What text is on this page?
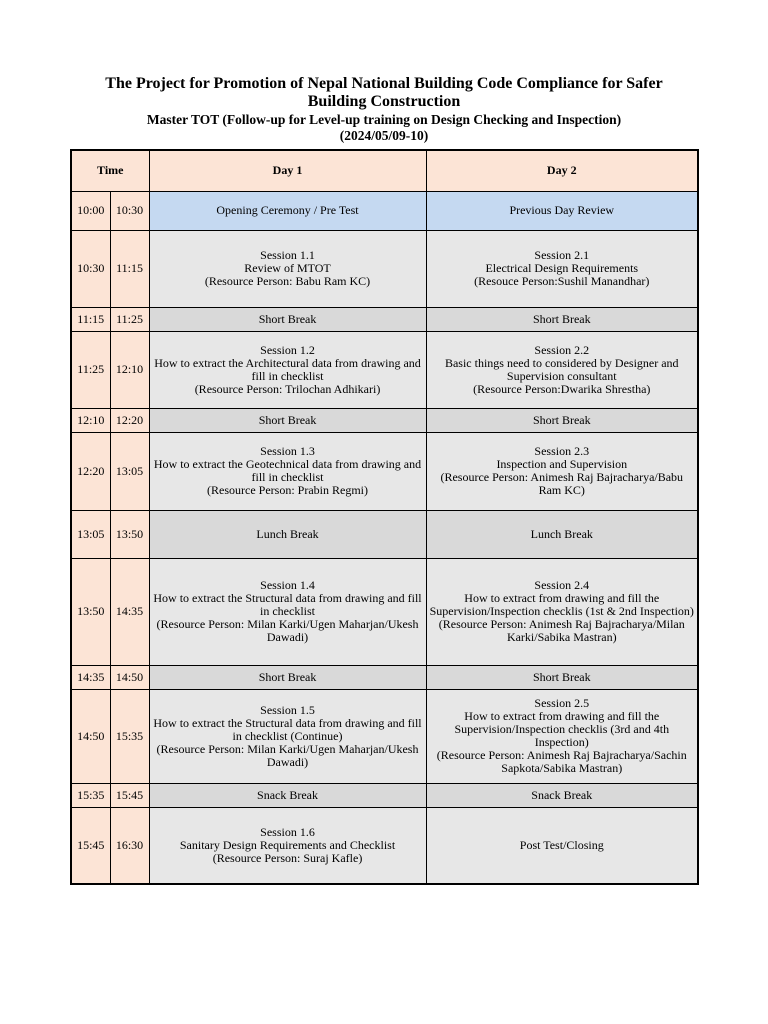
The Project for Promotion of Nepal National Building Code Compliance for Safer Building Construction
Master TOT (Follow-up for Level-up training on Design Checking and Inspection)
(2024/05/09-10)
Time		Day 1	Day 2
10:00	10:30	Opening Ceremony / Pre Test	Previous Day Review

10:30	11:15	Session 1.1
Review of MTOT
(Resource Person: Babu Ram KC)	Session 2.1
Electrical Design Requirements
(Resouce Person:Sushil Manandhar)

11:15	11:25	Short Break	Short Break

11:25	12:10	Session 1.2
How to extract the Architectural data from drawing and fill in checklist
(Resource Person: Trilochan Adhikari)	Session 2.2
Basic things need to considered by Designer and Supervision consultant
(Resource Person:Dwarika Shrestha)

12:10	12:20	Short Break	Short Break

12:20	13:05	Session 1.3
How to extract the Geotechnical data from drawing and fill in checklist
(Resource Person: Prabin Regmi)	Session 2.3
Inspection and Supervision
(Resource Person: Animesh Raj Bajracharya/Babu Ram KC)

13:05	13:50	Lunch Break	Lunch Break

13:50	14:35	Session 1.4
How to extract the Structural data from drawing and fill in checklist
(Resource Person: Milan Karki/Ugen Maharjan/Ukesh Dawadi)	Session 2.4
How to extract from drawing and fill the Supervision/Inspection checklis (1st & 2nd Inspection)
(Resource Person: Animesh Raj Bajracharya/Milan Karki/Sabika Mastran)

14:35	14:50	Short Break	Short Break

14:50	15:35	Session 1.5
How to extract the Structural data from drawing and fill in checklist (Continue)
(Resource Person: Milan Karki/Ugen Maharjan/Ukesh Dawadi)	Session 2.5
How to extract from drawing and fill the Supervision/Inspection checklis (3rd and 4th Inspection)
(Resource Person: Animesh Raj Bajracharya/Sachin Sapkota/Sabika Mastran)

15:35	15:45	Snack Break	Snack Break

15:45	16:30	Session 1.6
Sanitary Design Requirements and Checklist
(Resource Person: Suraj Kafle)	Post Test/Closing
